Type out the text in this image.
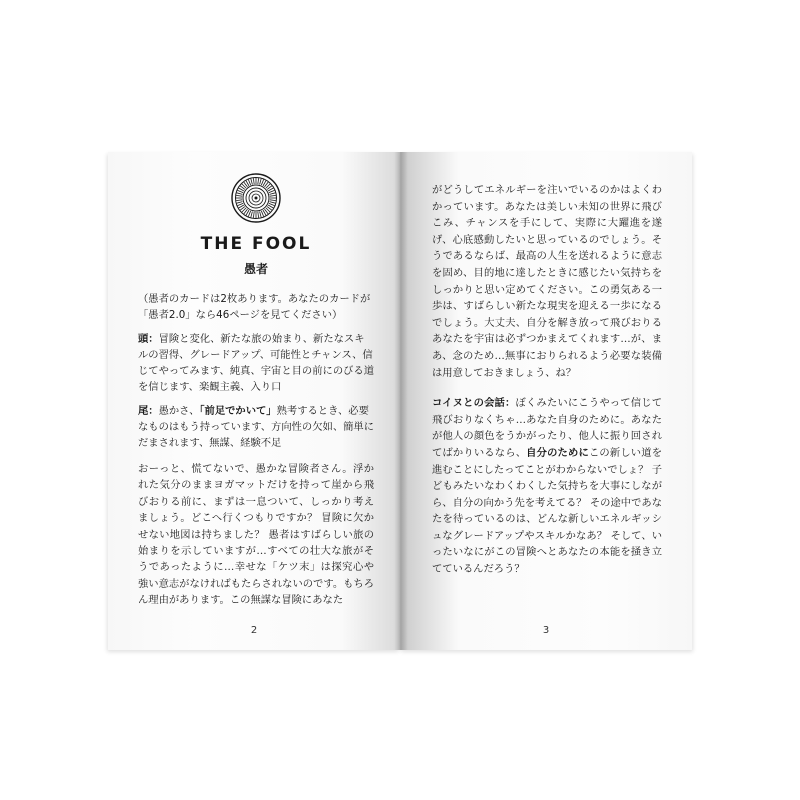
THE FOOL
愚者
（愚者のカードは2枚あります。あなたのカードが「愚者2.0」なら46ページを見てください）
頭：冒険と変化、新たな旅の始まり、新たなスキルの習得、グレードアップ、可能性とチャンス、信じてやってみます、純真、宇宙と目の前にのびる道を信じます、楽観主義、入り口
尾：愚かさ、「前足でかいて」熟考するとき、必要なものはもう持っています、方向性の欠如、簡単にだまされます、無謀、経験不足
おーっと、慌てないで、愚かな冒険者さん。浮かれた気分のままヨガマットだけを持って崖から飛びおりる前に、まずは一息ついて、しっかり考えましょう。どこへ行くつもりですか？ 冒険に欠かせない地図は持ちました？ 愚者はすばらしい旅の始まりを示していますが…すべての壮大な旅がそうであったように…幸せな「ケツ末」は探究心や強い意志がなければもたらされないのです。もちろん理由があります。この無謀な冒険にあなた
2
がどうしてエネルギーを注いでいるのかはよくわかっています。あなたは美しい未知の世界に飛びこみ、チャンスを手にして、実際に大躍進を遂げ、心底感動したいと思っているのでしょう。そうであるならば、最高の人生を送れるように意志を固め、目的地に達したときに感じたい気持ちをしっかりと思い定めてください。この勇気ある一歩は、すばらしい新たな現実を迎える一歩になるでしょう。大丈夫、自分を解き放って飛びおりるあなたを宇宙は必ずつかまえてくれます…が、まあ、念のため…無事におりられるよう必要な装備は用意しておきましょう、ね？
コイヌとの会話：ぼくみたいにこうやって信じて飛びおりなくちゃ…あなた自身のために。あなたが他人の顔色をうかがったり、他人に振り回されてばかりいるなら、自分のためにこの新しい道を進むことにしたってことがわからないでしょ？ 子どもみたいなわくわくした気持ちを大事にしながら、自分の向かう先を考えてる？ その途中であなたを待っているのは、どんな新しいエネルギッシュなグレードアップやスキルかなあ？ そして、いったいなにがこの冒険へとあなたの本能を掻き立てているんだろう？
3
